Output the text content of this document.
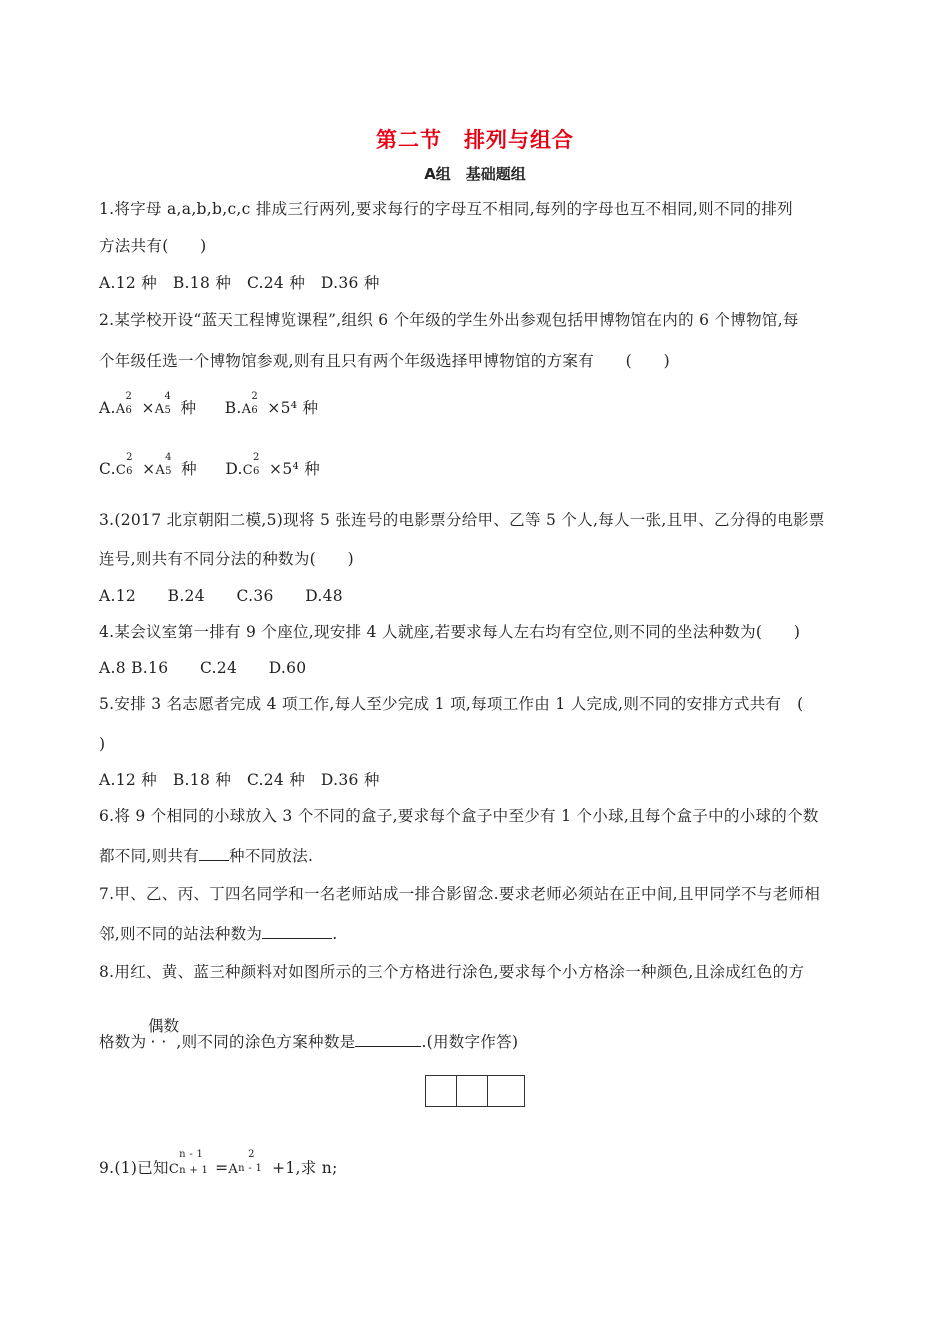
第二节　排列与组合
A组　基础题组
1.将字母 a,a,b,b,c,c 排成三行两列,要求每行的字母互不相同,每列的字母也互不相同,则不同的排列
方法共有(　　)
A.12 种　B.18 种　C.24 种　D.36 种
2.某学校开设“蓝天工程博览课程”,组织 6 个年级的学生外出参观包括甲博物馆在内的 6 个博物馆,每
个年级任选一个博物馆参观,则有且只有两个年级选择甲博物馆的方案有　　(　　)
A.A
2
6 ×A
4
5 种 B.A
2
6 ×5⁴ 种
C.C
2
6 ×A
4
5 种 D.C
2
6 ×5⁴ 种
3.(2017 北京朝阳二模,5)现将 5 张连号的电影票分给甲、乙等 5 个人,每人一张,且甲、乙分得的电影票
连号,则共有不同分法的种数为(　　)
A.12　　B.24　　C.36　　D.48
4.某会议室第一排有 9 个座位,现安排 4 人就座,若要求每人左右均有空位,则不同的坐法种数为(　　)
A.8 B.16　　C.24　　D.60
5.安排 3 名志愿者完成 4 项工作,每人至少完成 1 项,每项工作由 1 人完成,则不同的安排方式共有　(
)
A.12 种　B.18 种　C.24 种　D.36 种
6.将 9 个相同的小球放入 3 个不同的盒子,要求每个盒子中至少有 1 个小球,且每个盒子中的小球的个数
都不同,则共有 种不同放法.
7.甲、乙、丙、丁四名同学和一名老师站成一排合影留念.要求老师必须站在正中间,且甲同学不与老师相
邻,则不同的站法种数为	.
8.用红、黄、蓝三种颜料对如图所示的三个方格进行涂色,要求每个小方格涂一种颜色,且涂成红色的方
偶数
格数为 ·· ,则不同的涂色方案种数是	.(用数字作答)
9.(1)已知C
n - 1
n + 1 =A
2
n - 1 +1,求 n;
